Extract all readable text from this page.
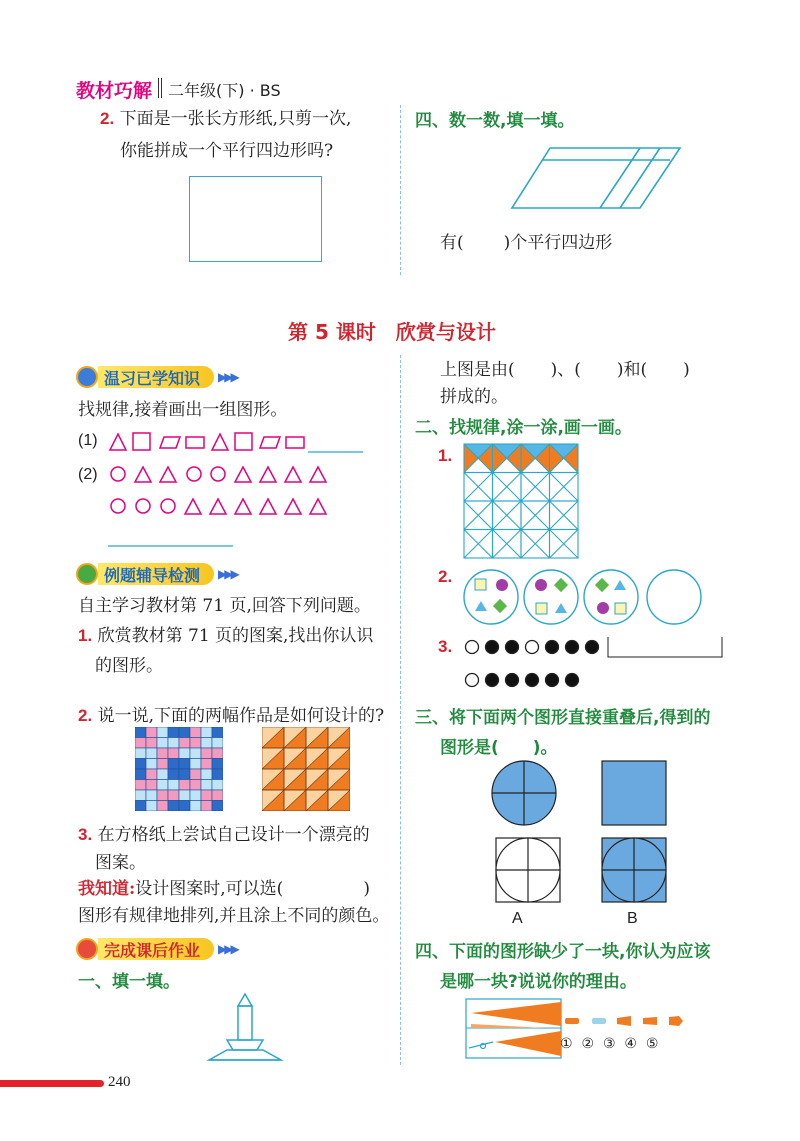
教材巧解 二年级(下) · BS
2. 下面是一张长方形纸,只剪一次,
你能拼成一个平行四边形吗?
四、数一数,填一填。
有( )个平行四边形
第 5 课时　欣赏与设计
温习已学知识	▶▶▶
找规律,接着画出一组图形。
(1)
(2)
例题辅导检测	▶▶▶
自主学习教材第 71 页,回答下列问题。
1. 欣赏教材第 71 页的图案,找出你认识
的图形。
2. 说一说,下面的两幅作品是如何设计的?
3. 在方格纸上尝试自己设计一个漂亮的
图案。
我知道:设计图案时,可以选(	)
图形有规律地排列,并且涂上不同的颜色。
完成课后作业	▶▶▶
一、填一填。
上图是由( )、( )和( )
拼成的。
二、找规律,涂一涂,画一画。
1.
2.
3.
三、将下面两个图形直接重叠后,得到的
图形是(　　)。
A	B
四、下面的图形缺少了一块,你认为应该
是哪一块?说说你的理由。
① ② ③ ④ ⑤
240
